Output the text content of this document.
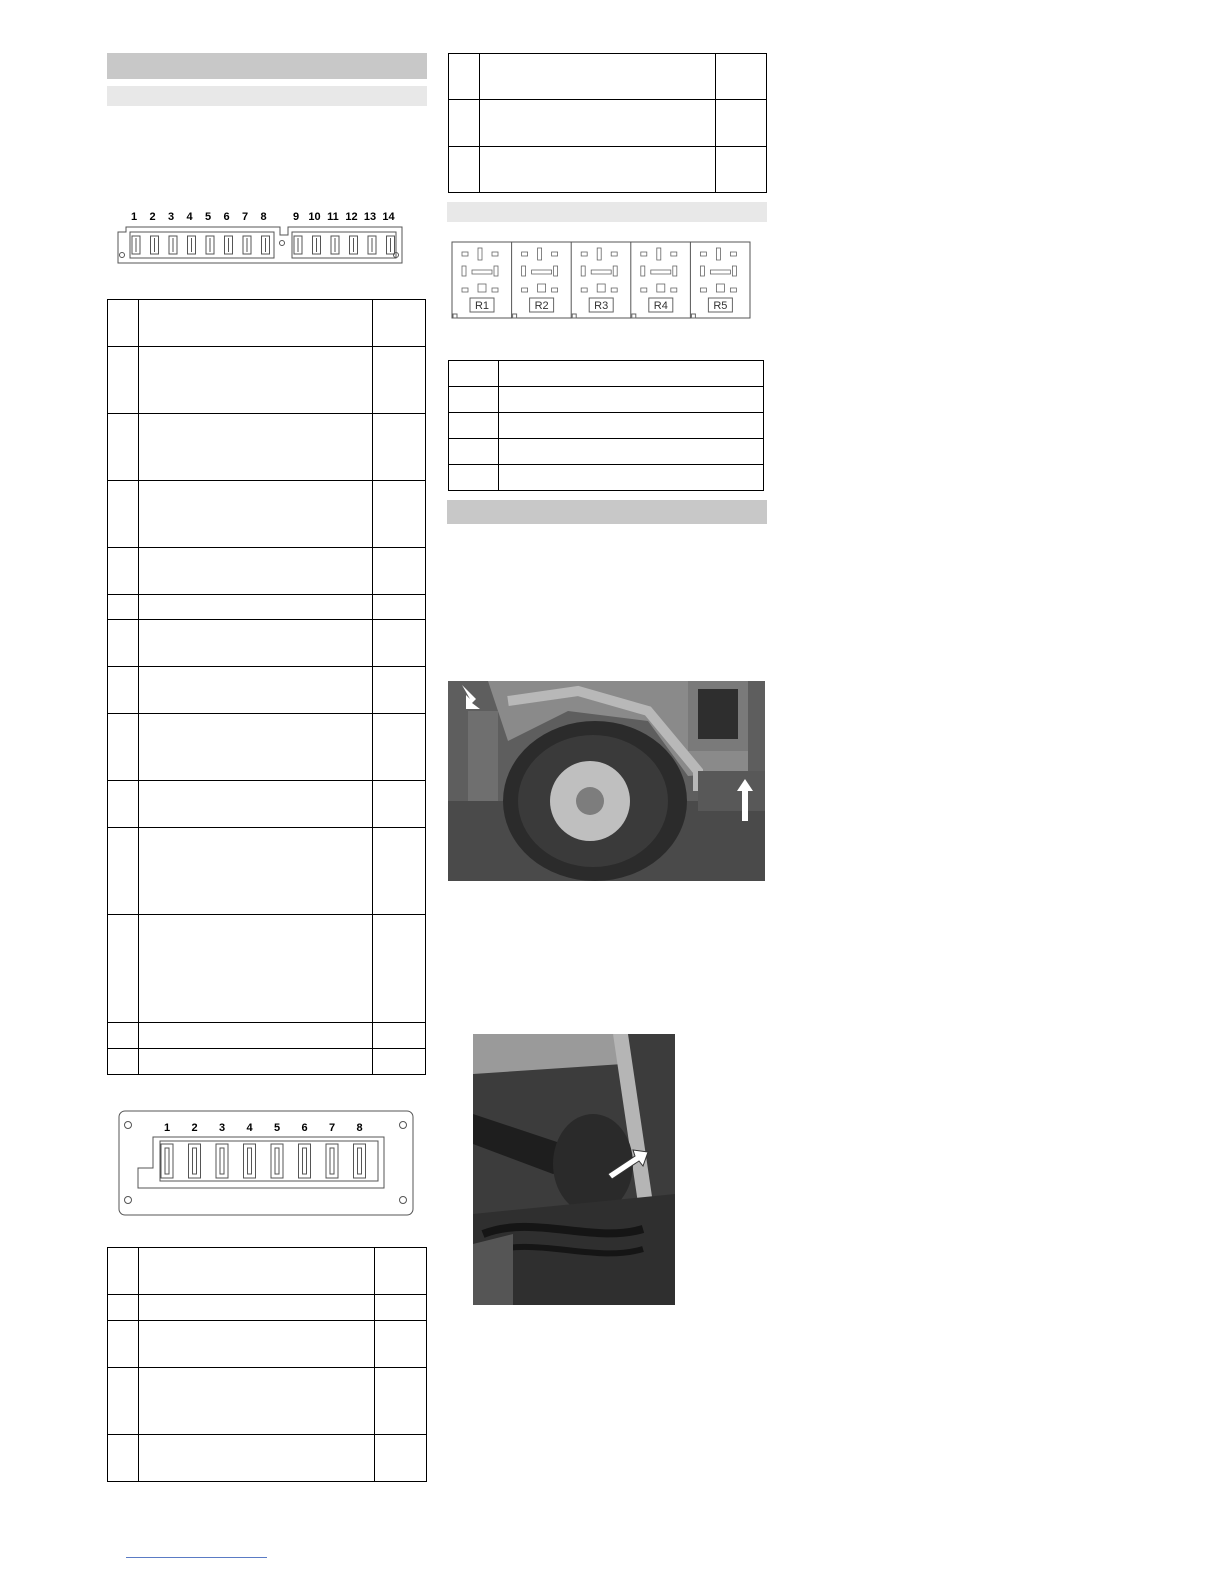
1 2 3 4 5 6 7 8 9 10 11 12 13 14

1 2 3 4 5 6 7 8

R1	R2	R3	R4	R5
